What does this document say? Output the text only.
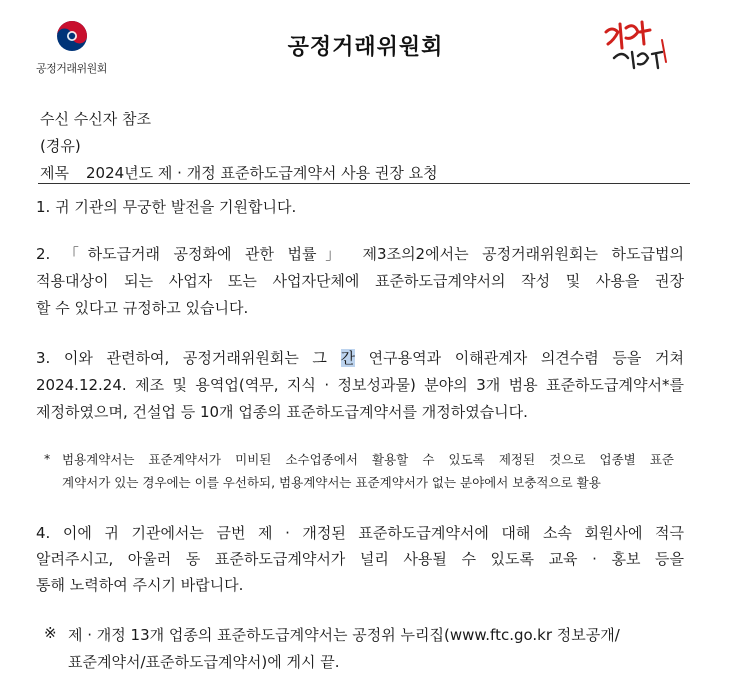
공정거래위원회
공정거래위원회
수신 수신자 참조
(경유)
제목 2024년도 제 · 개정 표준하도급계약서 사용 권장 요청
1. 귀 기관의 무궁한 발전을 기원합니다.
2. 「하도급거래 공정화에 관한 법률」 제3조의2에서는 공정거래위원회는 하도급법의
적용대상이 되는 사업자 또는 사업자단체에 표준하도급계약서의 작성 및 사용을 권장
할 수 있다고 규정하고 있습니다.
3. 이와 관련하여, 공정거래위원회는 그 간 연구용역과 이해관계자 의견수렴 등을 거쳐
2024.12.24. 제조 및 용역업(역무, 지식 · 정보성과물) 분야의 3개 범용 표준하도급계약서*를
제정하였으며, 건설업 등 10개 업종의 표준하도급계약서를 개정하였습니다.
* 범용계약서는 표준계약서가 미비된 소수업종에서 활용할 수 있도록 제정된 것으로 업종별 표준
계약서가 있는 경우에는 이를 우선하되, 범용계약서는 표준계약서가 없는 분야에서 보충적으로 활용
4. 이에 귀 기관에서는 금번 제 · 개정된 표준하도급계약서에 대해 소속 회원사에 적극
알려주시고, 아울러 동 표준하도급계약서가 널리 사용될 수 있도록 교육 · 홍보 등을
통해 노력하여 주시기 바랍니다.
※ 제 · 개정 13개 업종의 표준하도급계약서는 공정위 누리집(www.ftc.go.kr 정보공개/
표준계약서/표준하도급계약서)에 게시 끝.
